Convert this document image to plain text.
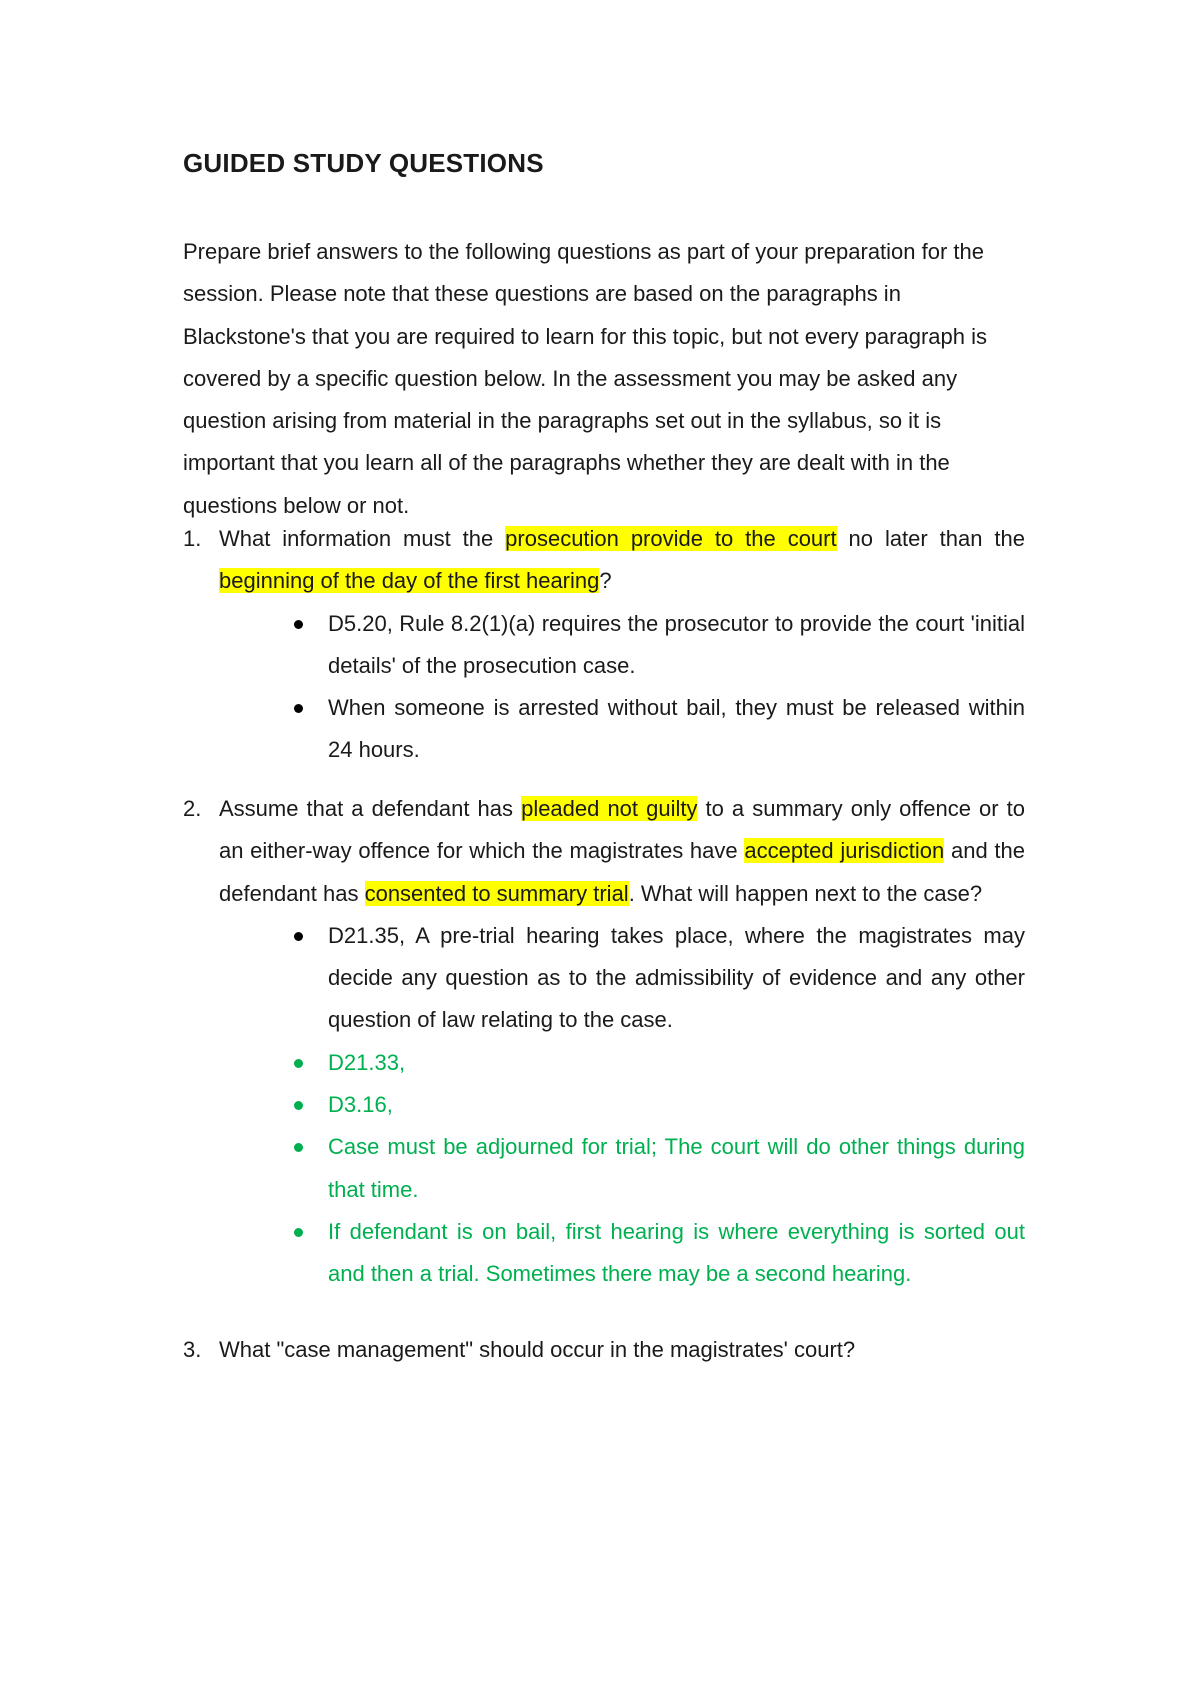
GUIDED STUDY QUESTIONS

Prepare brief answers to the following questions as part of your preparation for the session. Please note that these questions are based on the paragraphs in Blackstone's that you are required to learn for this topic, but not every paragraph is covered by a specific question below. In the assessment you may be asked any question arising from material in the paragraphs set out in the syllabus, so it is important that you learn all of the paragraphs whether they are dealt with in the questions below or not.

1. What information must the prosecution provide to the court no later than the beginning of the day of the first hearing?
D5.20, Rule 8.2(1)(a) requires the prosecutor to provide the court 'initial details' of the prosecution case.
When someone is arrested without bail, they must be released within 24 hours.
2. Assume that a defendant has pleaded not guilty to a summary only offence or to an either-way offence for which the magistrates have accepted jurisdiction and the defendant has consented to summary trial. What will happen next to the case?
D21.35, A pre-trial hearing takes place, where the magistrates may decide any question as to the admissibility of evidence and any other question of law relating to the case.
D21.33,
D3.16,
Case must be adjourned for trial; The court will do other things during that time.
If defendant is on bail, first hearing is where everything is sorted out and then a trial. Sometimes there may be a second hearing.
3. What "case management" should occur in the magistrates' court?
